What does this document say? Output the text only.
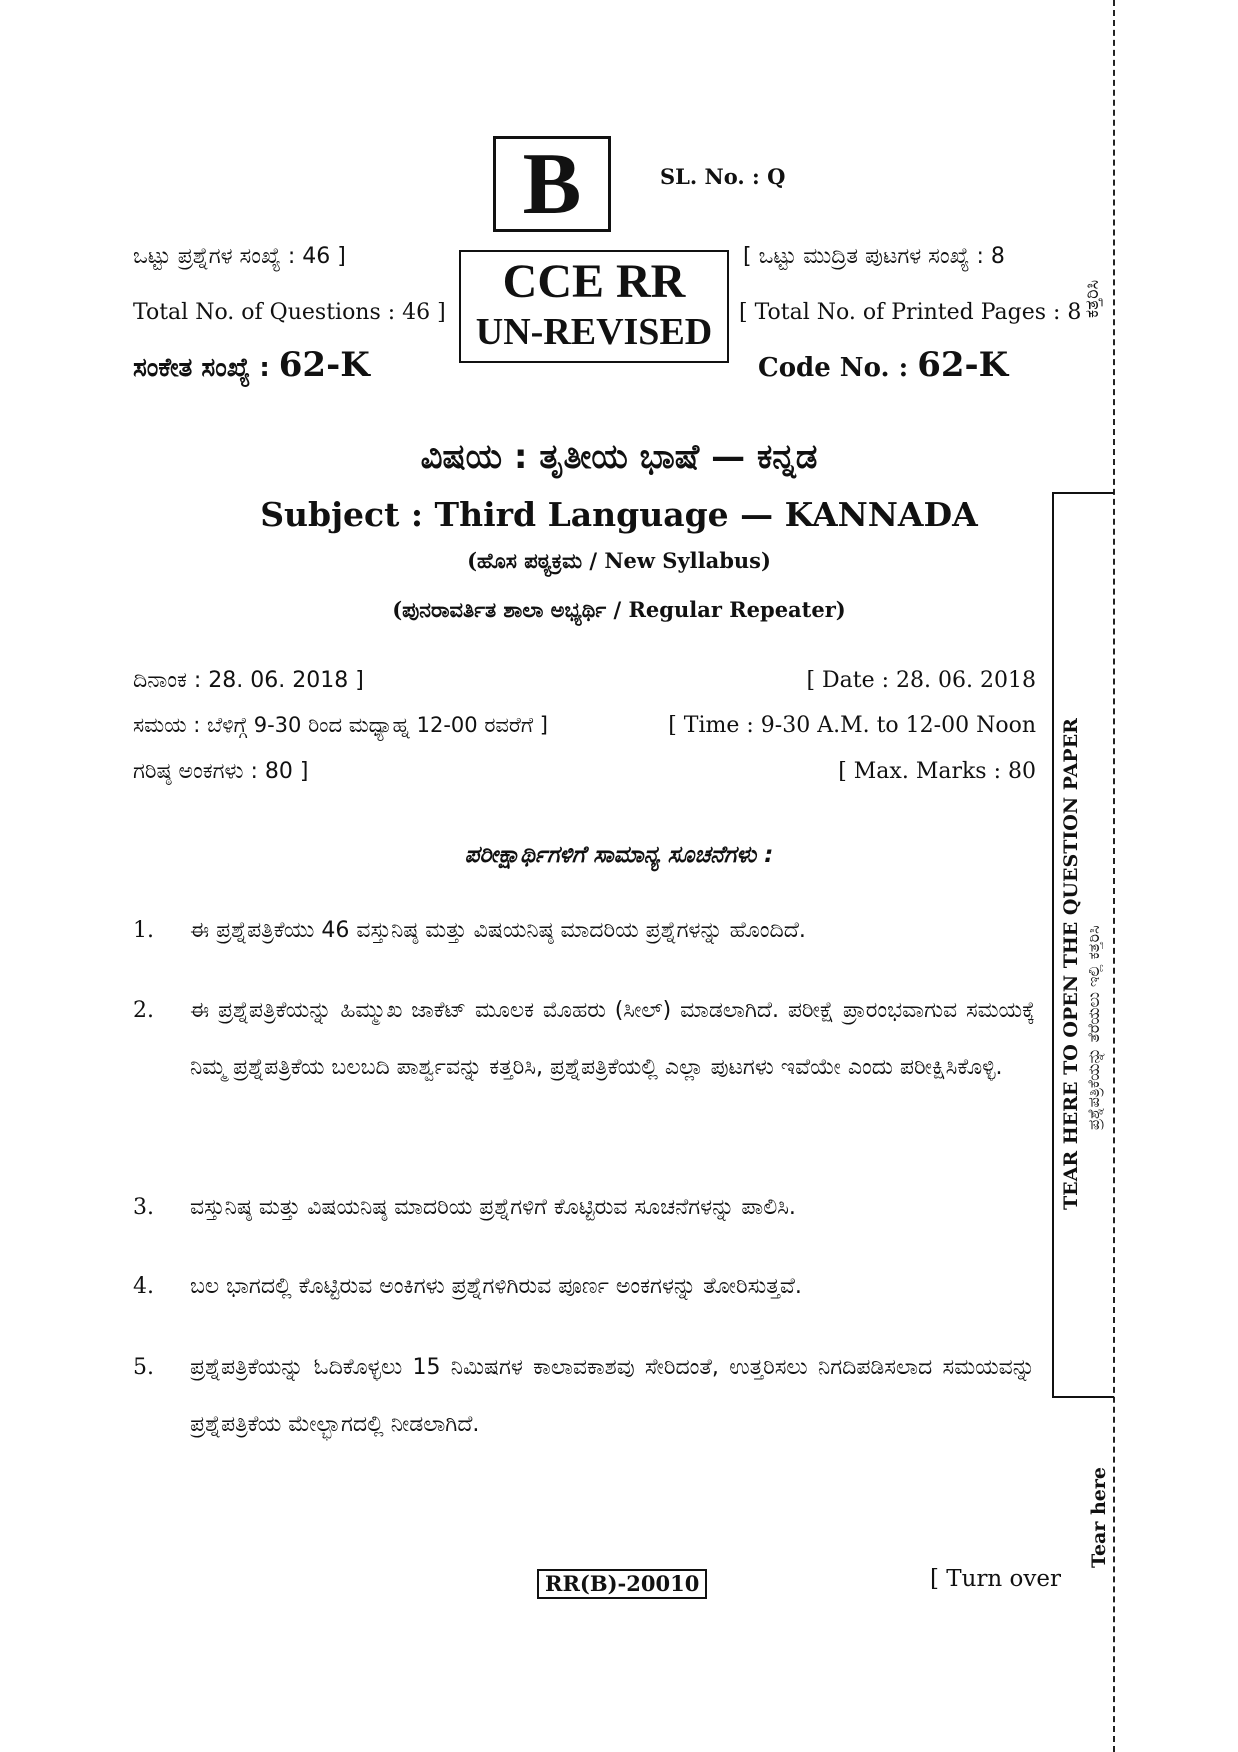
B	SL. No. : Q
ಒಟ್ಟು ಪ್ರಶ್ನೆಗಳ ಸಂಖ್ಯೆ : 46 ]
Total No. of Questions : 46 ]
ಸಂಕೇತ ಸಂಖ್ಯೆ : 62-K
CCE RR
UN-REVISED
[ ಒಟ್ಟು ಮುದ್ರಿತ ಪುಟಗಳ ಸಂಖ್ಯೆ : 8
[ Total No. of Printed Pages : 8
Code No. : 62-K
ವಿಷಯ : ತೃತೀಯ ಭಾಷೆ — ಕನ್ನಡ
Subject : Third Language — KANNADA
(ಹೊಸ ಪಠ್ಯಕ್ರಮ / New Syllabus)
(ಪುನರಾವರ್ತಿತ ಶಾಲಾ ಅಭ್ಯರ್ಥಿ / Regular Repeater)
ದಿನಾಂಕ : 28. 06. 2018 ]	[ Date : 28. 06. 2018
ಸಮಯ : ಬೆಳಿಗ್ಗೆ 9-30 ರಿಂದ ಮಧ್ಯಾಹ್ನ 12-00 ರವರೆಗೆ ]	[ Time : 9-30 A.M. to 12-00 Noon
ಗರಿಷ್ಠ ಅಂಕಗಳು : 80 ]	[ Max. Marks : 80
ಪರೀಕ್ಷಾರ್ಥಿಗಳಿಗೆ ಸಾಮಾನ್ಯ ಸೂಚನೆಗಳು :
1. ಈ ಪ್ರಶ್ನೆಪತ್ರಿಕೆಯು 46 ವಸ್ತುನಿಷ್ಠ ಮತ್ತು ವಿಷಯನಿಷ್ಠ ಮಾದರಿಯ ಪ್ರಶ್ನೆಗಳನ್ನು ಹೊಂದಿದೆ.
2. ಈ ಪ್ರಶ್ನೆಪತ್ರಿಕೆಯನ್ನು ಹಿಮ್ಮುಖ ಜಾಕೆಟ್ ಮೂಲಕ ಮೊಹರು (ಸೀಲ್) ಮಾಡಲಾಗಿದೆ. ಪರೀಕ್ಷೆ ಪ್ರಾರಂಭವಾಗುವ ಸಮಯಕ್ಕೆ ನಿಮ್ಮ ಪ್ರಶ್ನೆಪತ್ರಿಕೆಯ ಬಲಬದಿ ಪಾರ್ಶ್ವವನ್ನು ಕತ್ತರಿಸಿ, ಪ್ರಶ್ನೆಪತ್ರಿಕೆಯಲ್ಲಿ ಎಲ್ಲಾ ಪುಟಗಳು ಇವೆಯೇ ಎಂದು ಪರೀಕ್ಷಿಸಿಕೊಳ್ಳಿ.
3. ವಸ್ತುನಿಷ್ಠ ಮತ್ತು ವಿಷಯನಿಷ್ಠ ಮಾದರಿಯ ಪ್ರಶ್ನೆಗಳಿಗೆ ಕೊಟ್ಟಿರುವ ಸೂಚನೆಗಳನ್ನು ಪಾಲಿಸಿ.
4. ಬಲ ಭಾಗದಲ್ಲಿ ಕೊಟ್ಟಿರುವ ಅಂಕಿಗಳು ಪ್ರಶ್ನೆಗಳಿಗಿರುವ ಪೂರ್ಣ ಅಂಕಗಳನ್ನು ತೋರಿಸುತ್ತವೆ.
5. ಪ್ರಶ್ನೆಪತ್ರಿಕೆಯನ್ನು ಓದಿಕೊಳ್ಳಲು 15 ನಿಮಿಷಗಳ ಕಾಲಾವಕಾಶವು ಸೇರಿದಂತೆ, ಉತ್ತರಿಸಲು ನಿಗದಿಪಡಿಸಲಾದ ಸಮಯವನ್ನು ಪ್ರಶ್ನೆಪತ್ರಿಕೆಯ ಮೇಲ್ಭಾಗದಲ್ಲಿ ನೀಡಲಾಗಿದೆ.
RR(B)-20010	[ Turn over
ಕತ್ತರಿಸಿ
TEAR HERE TO OPEN THE QUESTION PAPER ಪ್ರಶ್ನೆಪತ್ರಿಕೆಯನ್ನು ತೆರೆಯಲು ಇಲ್ಲಿ ಕತ್ತರಿಸಿ
Tear here
